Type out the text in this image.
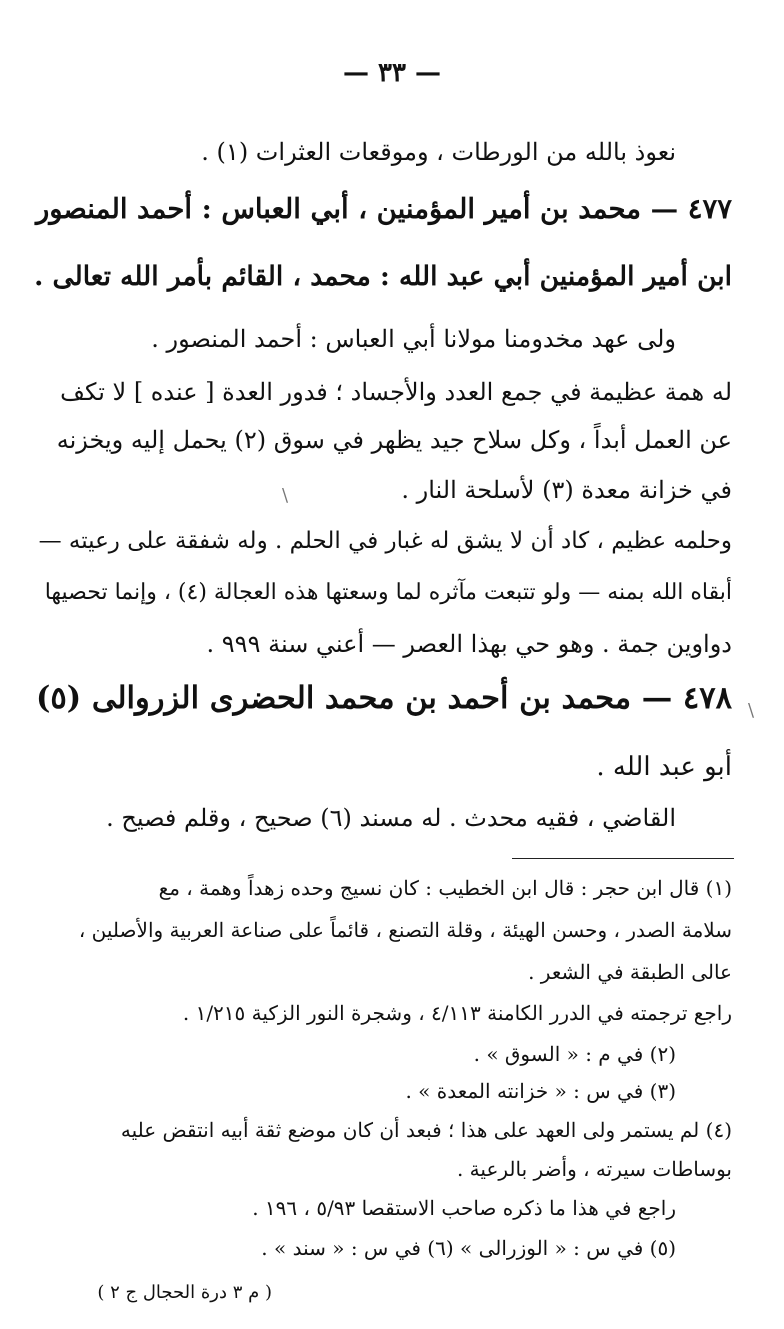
— ٣٣ —
نعوذ بالله من الورطات ، وموقعات العثرات (١) .
٤٧٧ — محمد بن أمير المؤمنين ، أبي العباس : أحمد المنصور
ابن أمير المؤمنين أبي عبد الله : محمد ، القائم بأمر الله تعالى .
ولى عهد مخدومنا مولانا أبي العباس : أحمد المنصور .
له همة عظيمة في جمع العدد والأجساد ؛ فدور العدة [ عنده ] لا تكف
عن العمل أبداً ، وكل سلاح جيد يظهر في سوق (٢) يحمل إليه ويخزنه
في خزانة معدة (٣) لأسلحة النار .
وحلمه عظيم ، كاد أن لا يشق له غبار في الحلم . وله شفقة على رعيته —
أبقاه الله بمنه — ولو تتبعت مآثره لما وسعتها هذه العجالة (٤) ، وإنما تحصيها
دواوين جمة . وهو حي بهذا العصر — أعني سنة ٩٩٩ .
٤٧٨ — محمد بن أحمد بن محمد الحضرى الزروالى (٥)
أبو عبد الله .
القاضي ، فقيه محدث . له مسند (٦) صحيح ، وقلم فصيح .
(١) قال ابن حجر : قال ابن الخطيب : كان نسيج وحده زهداً وهمة ، مع
سلامة الصدر ، وحسن الهيئة ، وقلة التصنع ، قائماً على صناعة العربية والأصلين ،
عالى الطبقة في الشعر .
راجع ترجمته في الدرر الكامنة ٤/١١٣ ، وشجرة النور الزكية ١/٢١٥ .
(٢) في م : « السوق » .
(٣) في س : « خزانته المعدة » .
(٤) لم يستمر ولى العهد على هذا ؛ فبعد أن كان موضع ثقة أبيه انتقض عليه
بوساطات سيرته ، وأضر بالرعية .
راجع في هذا ما ذكره صاحب الاستقصا ٥/٩٣ ، ١٩٦ .
(٥) في س : « الوزرالى » (٦) في س : « سند » .
( م ٣ درة الحجال ج ٢ )
\
\
